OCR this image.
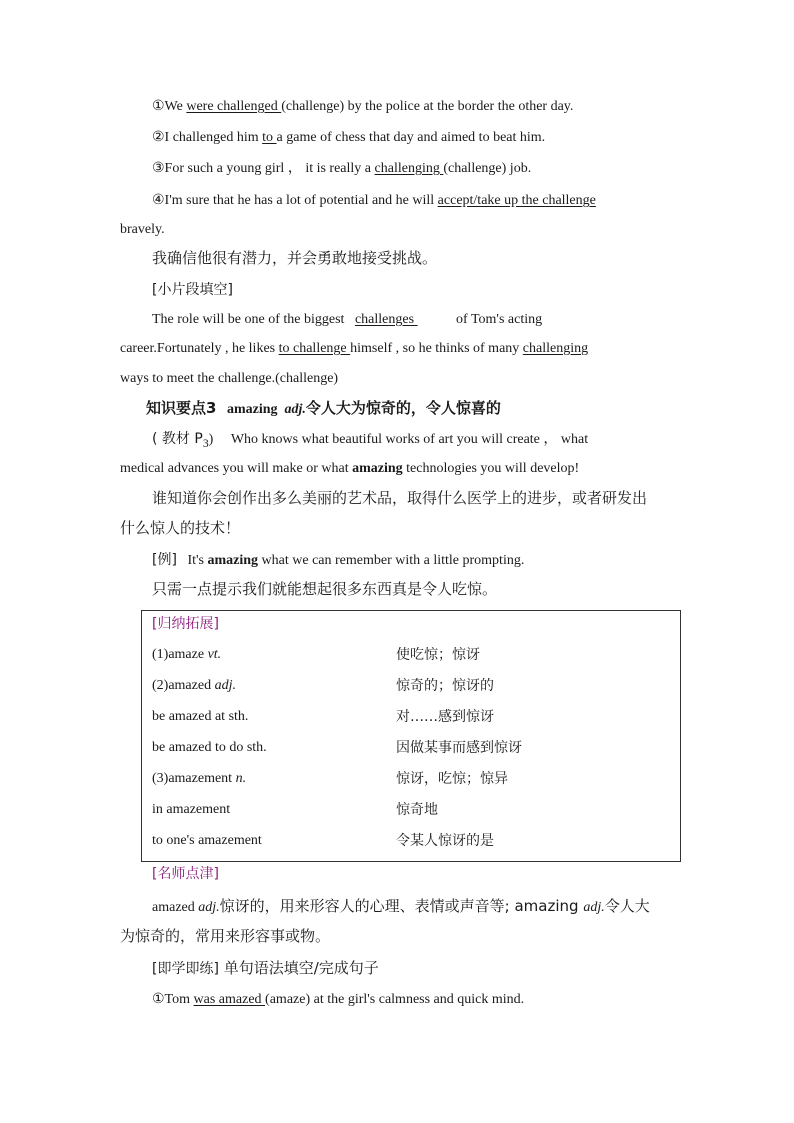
①We were challenged (challenge) by the police at the border the other day.
②I challenged him to a game of chess that day and aimed to beat him.
③For such a young girl ， it is really a challenging (challenge) job.
④I'm sure that he has a lot of potential and he will accept/take up the challenge
bravely.
我确信他很有潜力，并会勇敢地接受挑战。
[小片段填空]
The role will be one of the biggest challenges	of Tom's acting
career.Fortunately , he likes to challenge himself , so he thinks of many challenging
ways to meet the challenge.(challenge)
知识要点3 amazing adj.令人大为惊奇的，令人惊喜的
( 教材 $P_3$) Who knows what beautiful works of art you will create ， what
medical advances you will make or what amazing technologies you will develop!
谁知道你会创作出多么美丽的艺术品，取得什么医学上的进步，或者研发出
什么惊人的技术！
[例] It's amazing what we can remember with a little prompting.
只需一点提示我们就能想起很多东西真是令人吃惊。
[归纳拓展]
(1)amaze vt.	使吃惊；惊讶
(2)amazed adj.	惊奇的；惊讶的
be amazed at sth.	对……感到惊讶
be amazed to do sth.	因做某事而感到惊讶
(3)amazement n.	惊讶，吃惊；惊异
in amazement	惊奇地
to one's amazement	令某人惊讶的是
[名师点津]
amazed adj.惊讶的，用来形容人的心理、表情或声音等; amazing adj.令人大
为惊奇的，常用来形容事或物。
[即学即练] 单句语法填空/完成句子
①Tom was amazed (amaze) at the girl's calmness and quick mind.
